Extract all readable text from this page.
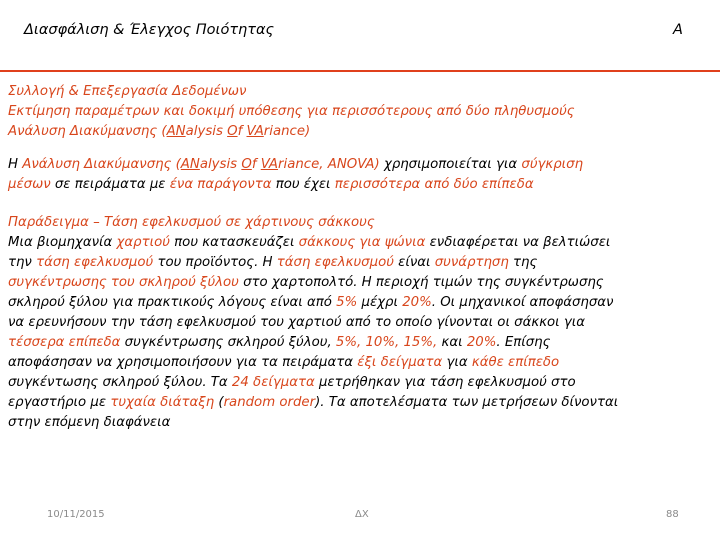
Διασφάλιση & Έλεγχος Ποιότητας	A

Συλλογή & Επεξεργασία Δεδομένων

Εκτίμηση παραμέτρων και δοκιμή υπόθεσης για περισσότερους από δύο πληθυσμούς

Ανάλυση Διακύμανσης (ANalysis Of VAriance)

Η Ανάλυση Διακύμανσης (ANalysis Of VAriance, ANOVA) χρησιμοποιείται για σύγκριση

μέσων σε πειράματα με ένα παράγοντα που έχει περισσότερα από δύο επίπεδα

Παράδειγμα – Τάση εφελκυσμού σε χάρτινους σάκκους

Μια βιομηχανία χαρτιού που κατασκευάζει σάκκους για ψώνια ενδιαφέρεται να βελτιώσει

την τάση εφελκυσμού του προϊόντος. Η τάση εφελκυσμού είναι συνάρτηση της

συγκέντρωσης του σκληρού ξύλου στο χαρτοπολτό. Η περιοχή τιμών της συγκέντρωσης

σκληρού ξύλου για πρακτικούς λόγους είναι από 5% μέχρι 20%. Οι μηχανικοί αποφάσησαν

να ερευνήσουν την τάση εφελκυσμού του χαρτιού από το οποίο γίνονται οι σάκκοι για

τέσσερα επίπεδα συγκέντρωσης σκληρού ξύλου, 5%, 10%, 15%, και 20%. Επίσης

αποφάσησαν να χρησιμοποιήσουν για τα πειράματα έξι δείγματα για κάθε επίπεδο

συγκέντωσης σκληρού ξύλου. Τα 24 δείγματα μετρήθηκαν για τάση εφελκυσμού στο

εργαστήριο με τυχαία διάταξη (random order). Τα αποτελέσματα των μετρήσεων δίνονται

στην επόμενη διαφάνεια

10/11/2015	ΔΧ	88
